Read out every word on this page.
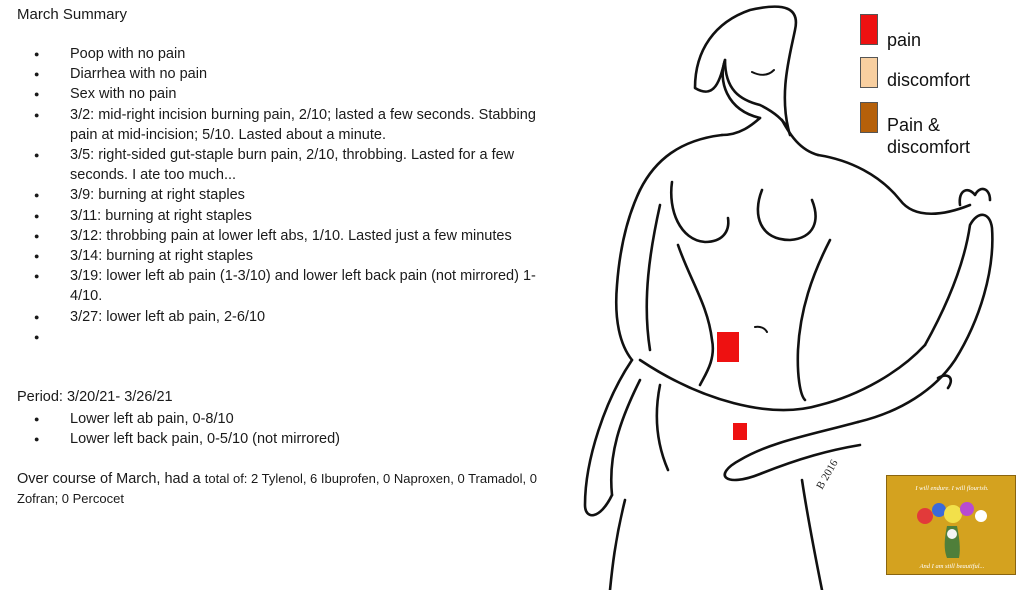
March Summary
● Poop with no pain
● Diarrhea with no pain
● Sex with no pain
● 3/2: mid-right incision burning pain, 2/10; lasted a few seconds. Stabbing pain at mid-incision; 5/10. Lasted about a minute.
● 3/5: right-sided gut-staple burn pain, 2/10, throbbing. Lasted for a few seconds. I ate too much...
● 3/9: burning at right staples
● 3/11: burning at right staples
● 3/12: throbbing pain at lower left abs, 1/10. Lasted just a few minutes
● 3/14: burning at right staples
● 3/19: lower left ab pain (1-3/10) and lower left back pain (not mirrored) 1-4/10.
● 3/27: lower left ab pain, 2-6/10
●
Period: 3/20/21- 3/26/21
● Lower left ab pain, 0-8/10
● Lower left back pain, 0-5/10 (not mirrored)
Over course of March, had a total of: 2 Tylenol, 6 Ibuprofen, 0 Naproxen, 0 Tramadol, 0 Zofran; 0 Percocet
B 2016
pain
discomfort
Pain & discomfort
I will endure. I will flourish.
And I am still beautiful...
